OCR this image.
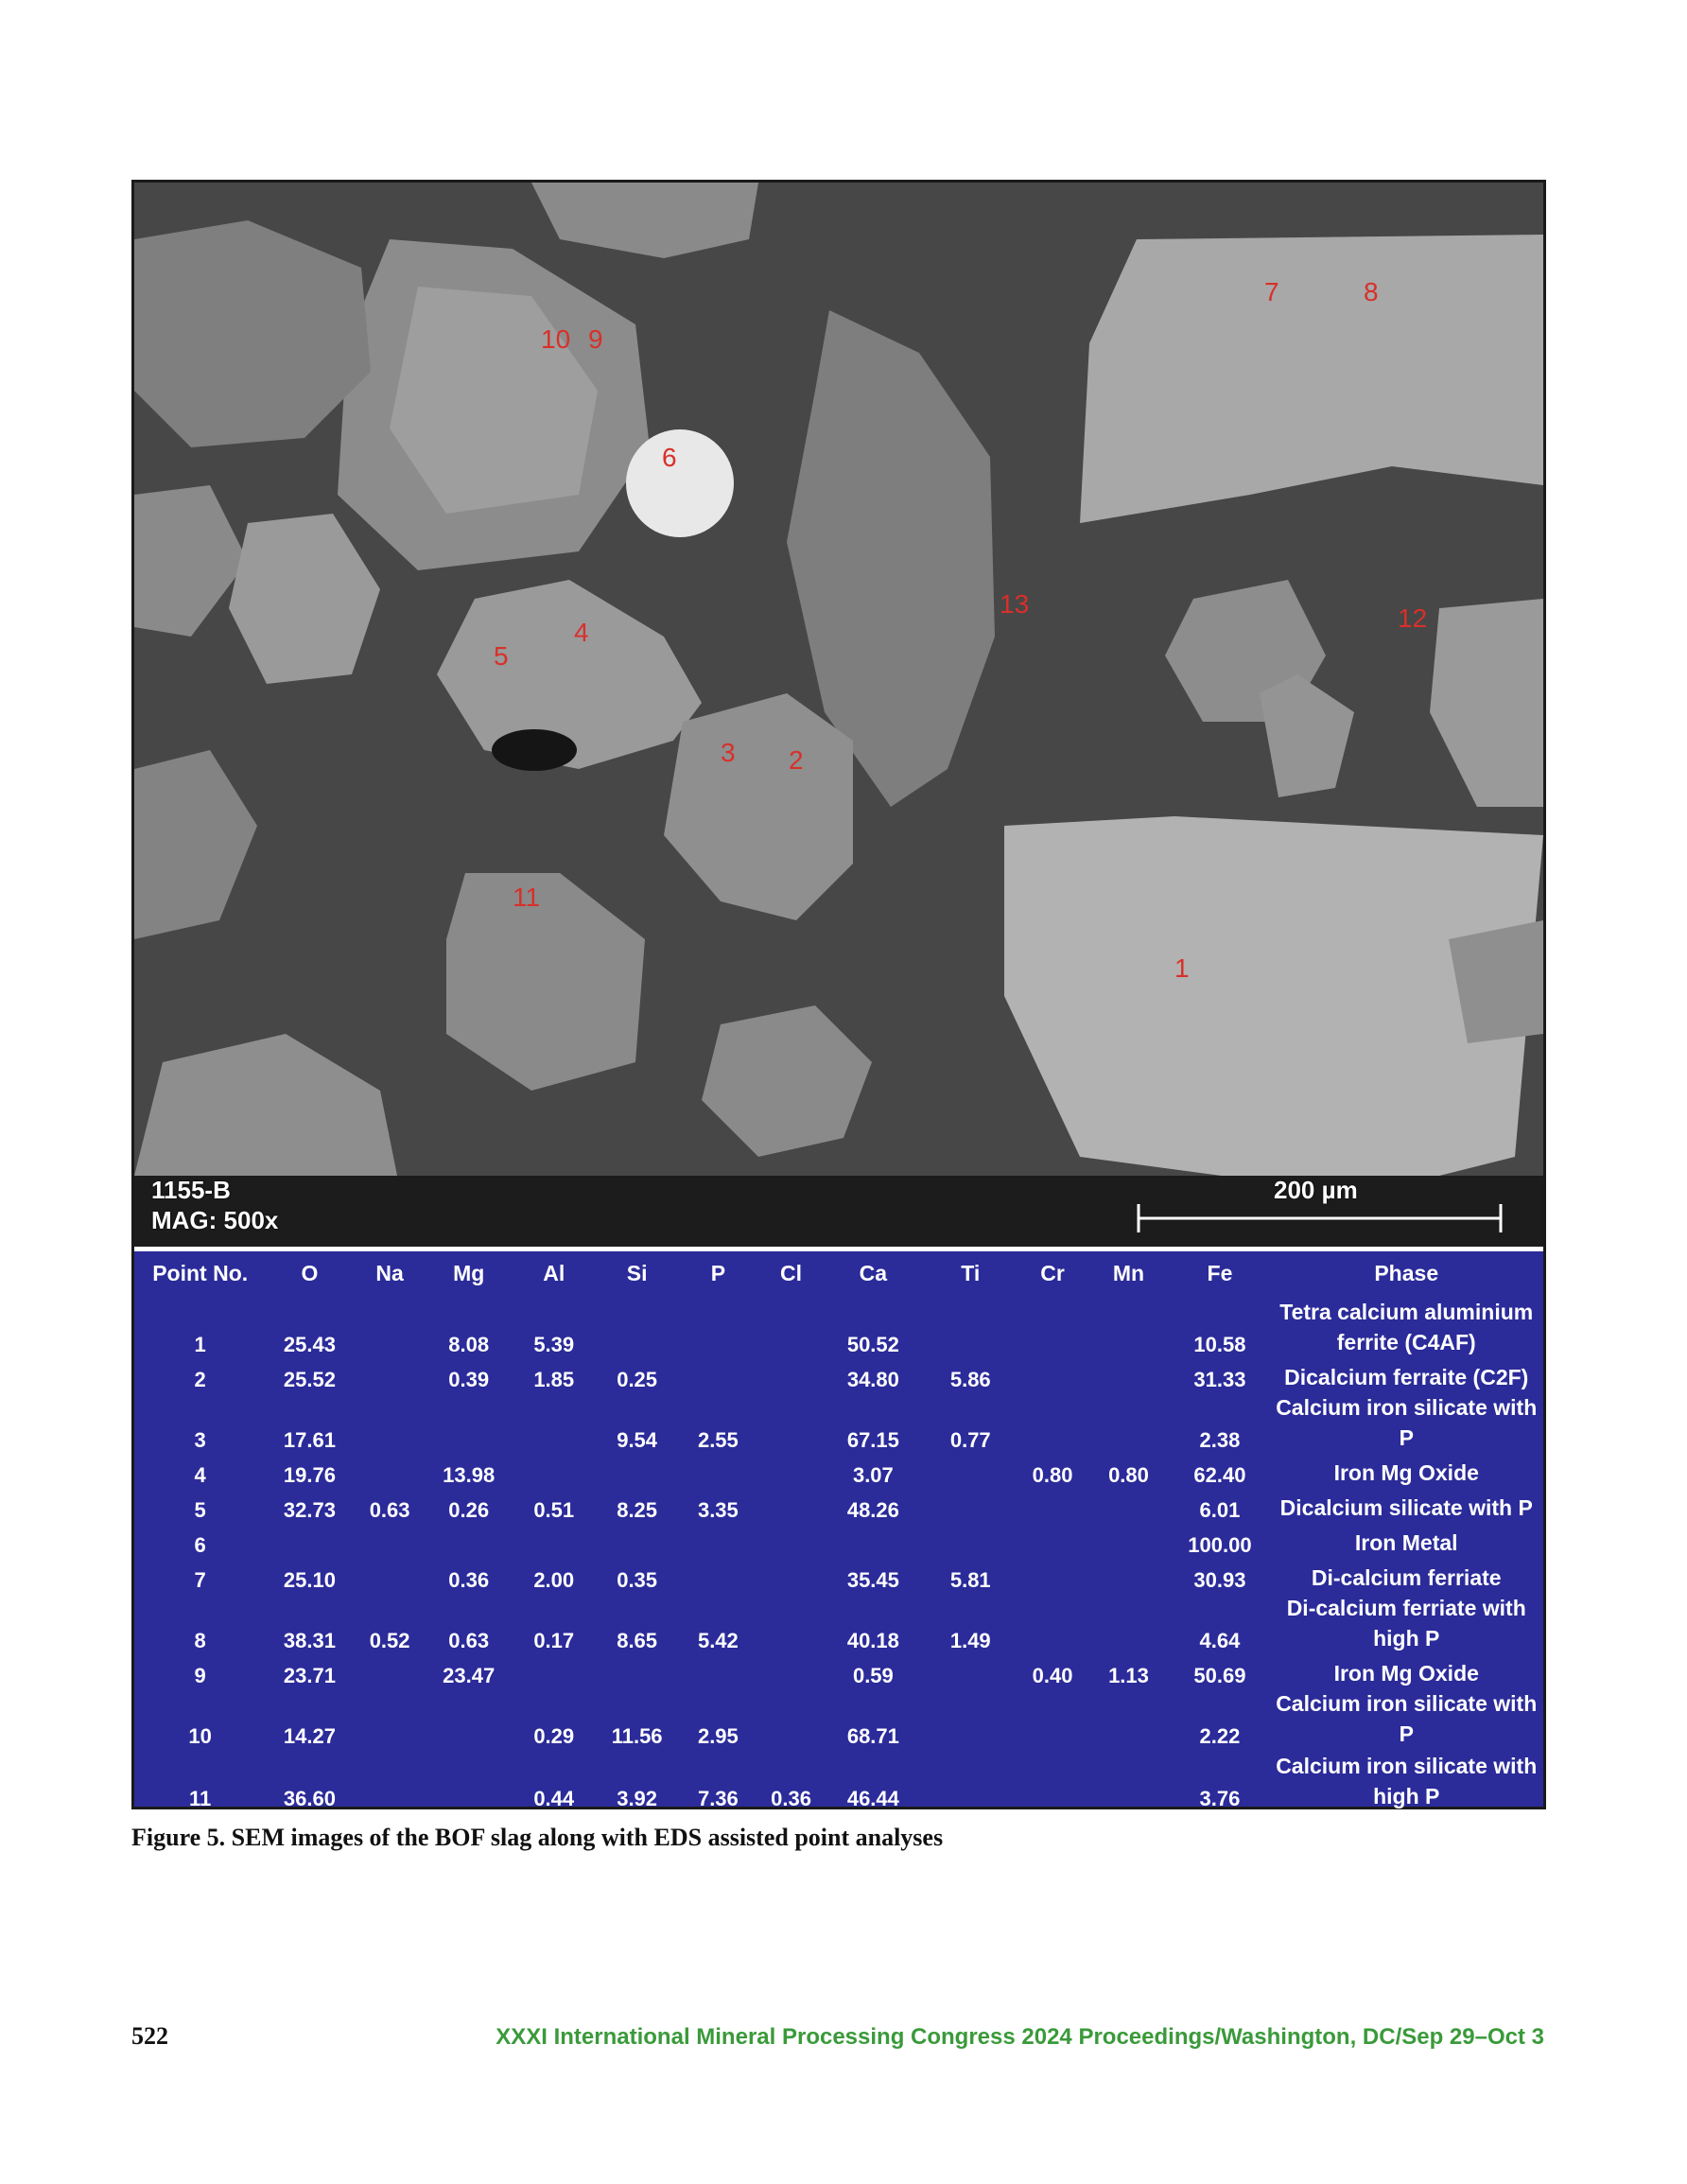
1
2
3
4
5
6
7	8
9
10
11
12
13
1155-B
MAG: 500x
200 µm
Point No.	O	Na	Mg	Al	Si	P	Cl	Ca	Ti	Cr	Mn	Fe	Phase
1	25.43		8.08	5.39				50.52				10.58	Tetra calcium aluminium ferrite (C4AF)
2	25.52		0.39	1.85	0.25			34.80	5.86			31.33	Dicalcium ferraite (C2F)
3	17.61				9.54	2.55		67.15	0.77			2.38	Calcium iron silicate with P
4	19.76		13.98					3.07		0.80	0.80	62.40	Iron Mg Oxide
5	32.73	0.63	0.26	0.51	8.25	3.35		48.26				6.01	Dicalcium silicate with P
6												100.00	Iron Metal
7	25.10		0.36	2.00	0.35			35.45	5.81			30.93	Di-calcium ferriate
8	38.31	0.52	0.63	0.17	8.65	5.42		40.18	1.49			4.64	Di-calcium ferriate with high P
9	23.71		23.47					0.59		0.40	1.13	50.69	Iron Mg Oxide
10	14.27			0.29	11.56	2.95		68.71				2.22	Calcium iron silicate with P
11	36.60			0.44	3.92	7.36	0.36	46.44				3.76	Calcium iron silicate with high P
12	39.88	0.62	0.16	0.38	7.31	2.01		47.84	0.76			1.03	Calcium iron silicate with P
13	37.92	0.54	0.22	0.28	6.79	2.79		47.64	0.91			2.91	Calcium iron silicate with P
Figure 5. SEM images of the BOF slag along with EDS assisted point analyses
522	XXXI International Mineral Processing Congress 2024 Proceedings/Washington, DC/Sep 29–Oct 3
